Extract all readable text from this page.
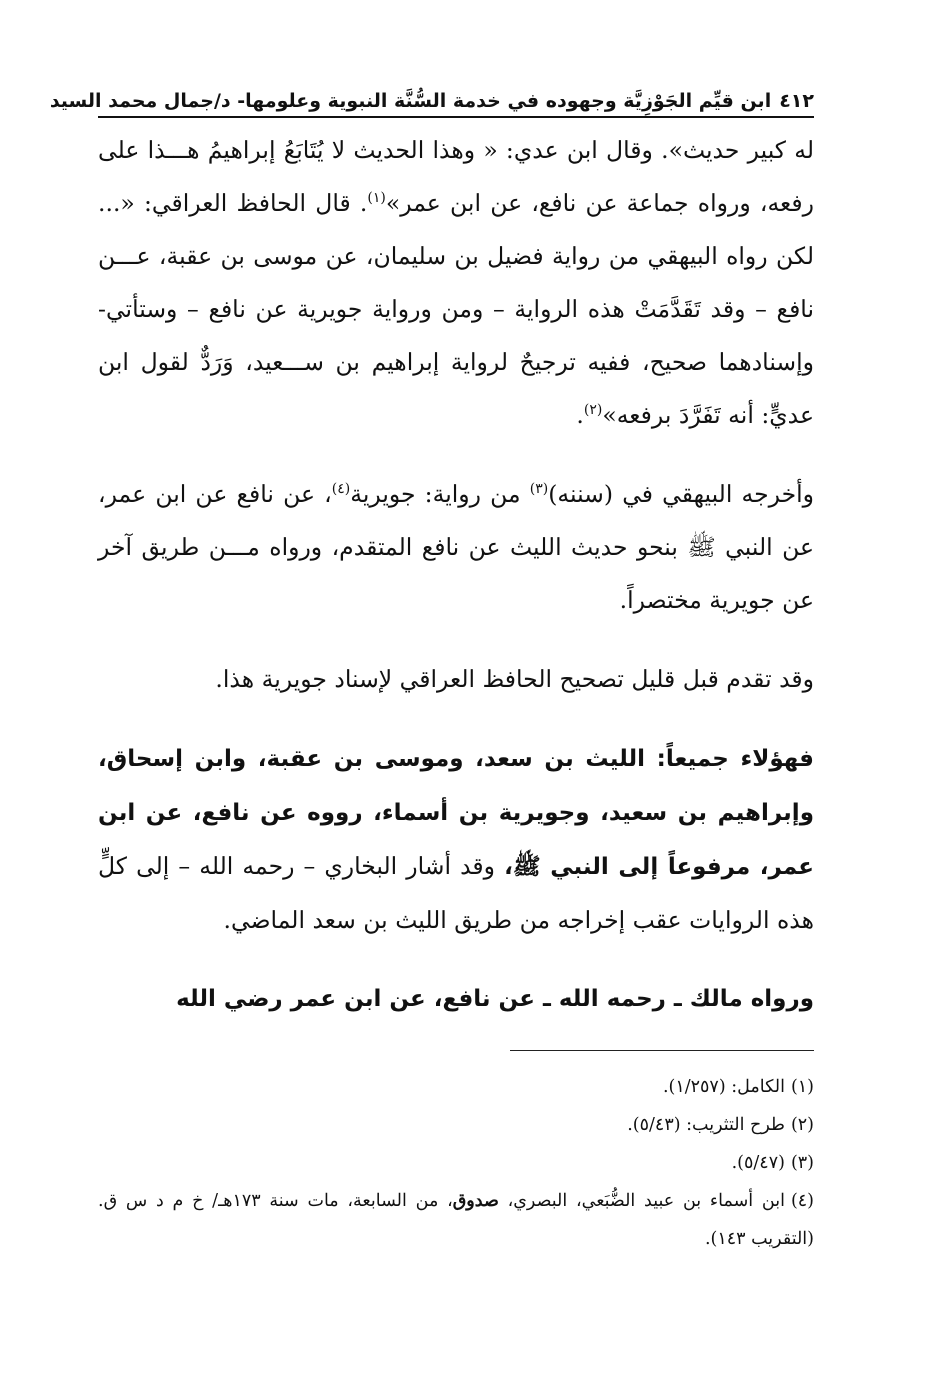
٤١٢
ابن قيِّم الجَوْزِيَّة وجهوده في خدمة السُّنَّة النبوية وعلومها- د/جمال محمد السيد

له كبير حديث». وقال ابن عدي: « وهذا الحديث لا يُتَابَعُ إبراهيمُ هـــذا على رفعه، ورواه جماعة عن نافع، عن ابن عمر»$^{(١)}$. قال الحافظ العراقي: «... لكن رواه البيهقي من رواية فضيل بن سليمان، عن موسى بن عقبة، عـــن نافع – وقد تَقَدَّمَتْ هذه الرواية – ومن ورواية جويرية عن نافع – وستأتي- وإسنادهما صحيح، ففيه ترجيحٌ لرواية إبراهيم بن ســـعيد، وَرَدٌّ لقول ابن عديٍّ: أنه تَفَرَّدَ برفعه»$^{(٢)}$.

وأخرجه البيهقي في (سننه)$^{(٣)}$ من رواية: جويرية$^{(٤)}$، عن نافع عن ابن عمر، عن النبي ﷺ بنحو حديث الليث عن نافع المتقدم، ورواه مـــن طريق آخر عن جويرية مختصراً.

وقد تقدم قبل قليل تصحيح الحافظ العراقي لإسناد جويرية هذا.

فهؤلاء جميعاً: الليث بن سعد، وموسى بن عقبة، وابن إسحاق، وإبراهيم بن سعيد، وجويرية بن أسماء، رووه عن نافع، عن ابن عمر، مرفوعاً إلى النبي ﷺ، وقد أشار البخاري – رحمه الله – إلى كلٍّ هذه الروايات عقب إخراجه من طريق الليث بن سعد الماضي.

ورواه مالك ـ رحمه الله ـ عن نافع، عن ابن عمر رضي الله

(١)الكامل: (١/٢٥٧).

(٢)طرح التثريب: (٥/٤٣).

(٣)(٥/٤٧).

(٤)ابن أسماء بن عبيد الضُّبَعي، البصري، صدوق، من السابعة، مات سنة ١٧٣هـ/ خ م د س ق. (التقريب ١٤٣).
